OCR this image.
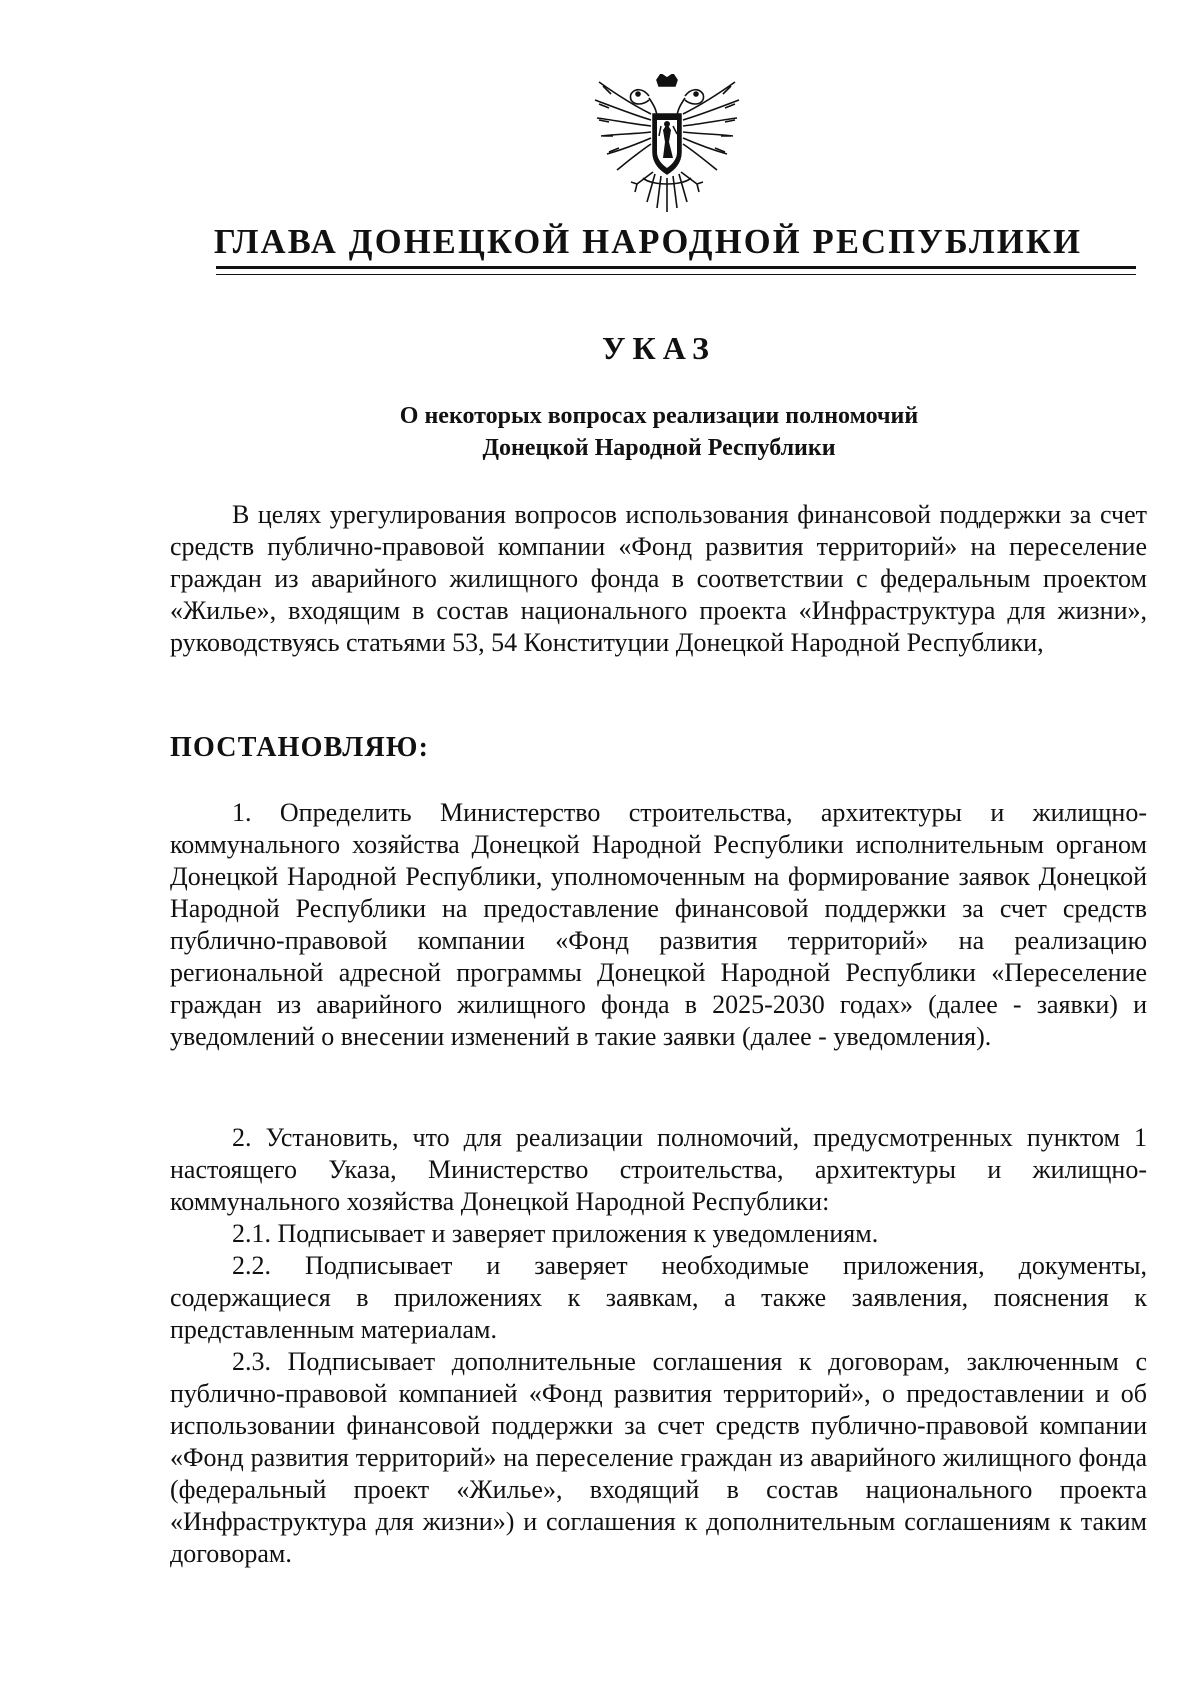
ГЛАВА ДОНЕЦКОЙ НАРОДНОЙ РЕСПУБЛИКИ
УКАЗ
О некоторых вопросах реализации полномочий
Донецкой Народной Республики

В целях урегулирования вопросов использования финансовой поддержки за счет средств публично-правовой компании «Фонд развития территорий» на переселение граждан из аварийного жилищного фонда в соответствии с федеральным проектом «Жилье», входящим в состав национального проекта «Инфраструктура для жизни», руководствуясь статьями 53, 54 Конституции Донецкой Народной Республики,

ПОСТАНОВЛЯЮ:

1. Определить Министерство строительства, архитектуры и жилищно-коммунального хозяйства Донецкой Народной Республики исполнительным органом Донецкой Народной Республики, уполномоченным на формирование заявок Донецкой Народной Республики на предоставление финансовой поддержки за счет средств публично-правовой компании «Фонд развития территорий» на реализацию региональной адресной программы Донецкой Народной Республики «Переселение граждан из аварийного жилищного фонда в 2025-2030 годах» (далее - заявки) и уведомлений о внесении изменений в такие заявки (далее - уведомления).

2. Установить, что для реализации полномочий, предусмотренных пунктом 1 настоящего Указа, Министерство строительства, архитектуры и жилищно-коммунального хозяйства Донецкой Народной Республики:

2.1. Подписывает и заверяет приложения к уведомлениям.

2.2. Подписывает и заверяет необходимые приложения, документы, содержащиеся в приложениях к заявкам, а также заявления, пояснения к представленным материалам.

2.3. Подписывает дополнительные соглашения к договорам, заключенным с публично-правовой компанией «Фонд развития территорий», о предоставлении и об использовании финансовой поддержки за счет средств публично-правовой компании «Фонд развития территорий» на переселение граждан из аварийного жилищного фонда (федеральный проект «Жилье», входящий в состав национального проекта «Инфраструктура для жизни») и соглашения к дополнительным соглашениям к таким договорам.
